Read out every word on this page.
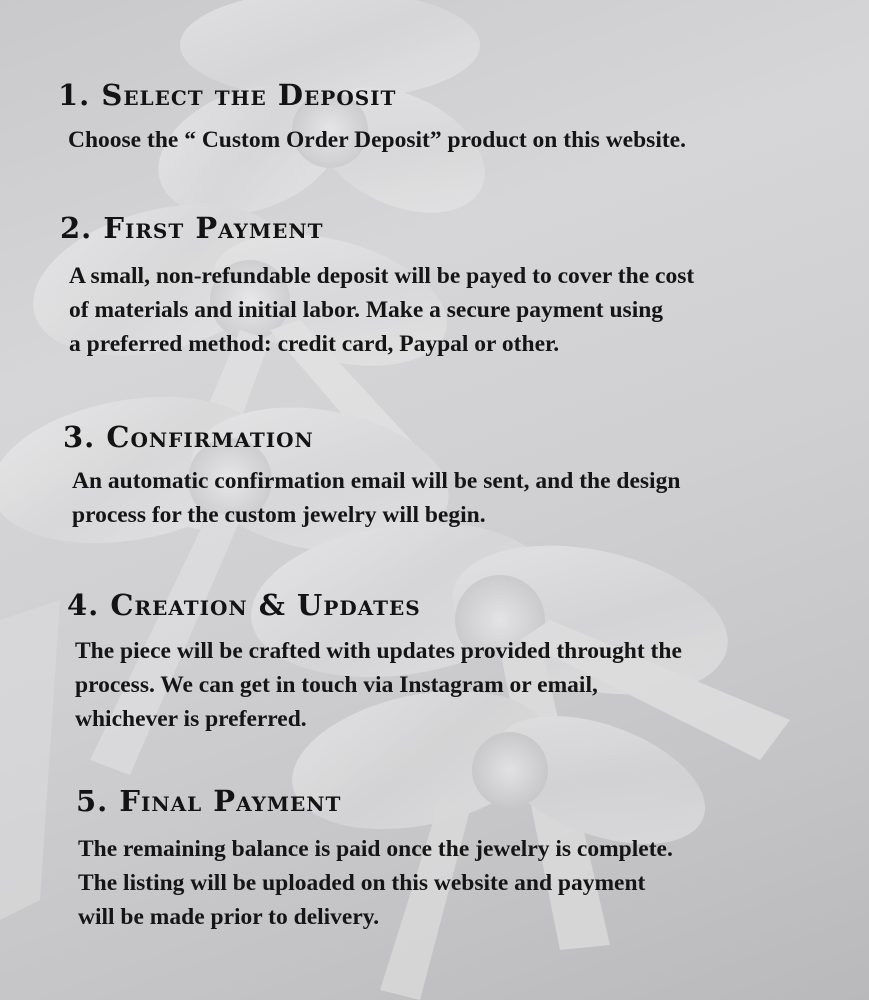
1. Select the Deposit

Choose the “ Custom Order Deposit” product on this website.

2. First Payment

A small, non-refundable deposit will be payed to cover the cost
of materials and initial labor. Make a secure payment using
a preferred method: credit card, Paypal or other.

3. Confirmation

An automatic confirmation email will be sent, and the design
process for the custom jewelry will begin.

4. Creation & Updates

The piece will be crafted with updates provided throught the
process. We can get in touch via Instagram or email,
whichever is preferred.

5. Final Payment

The remaining balance is paid once the jewelry is complete.
The listing will be uploaded on this website and payment
will be made prior to delivery.
